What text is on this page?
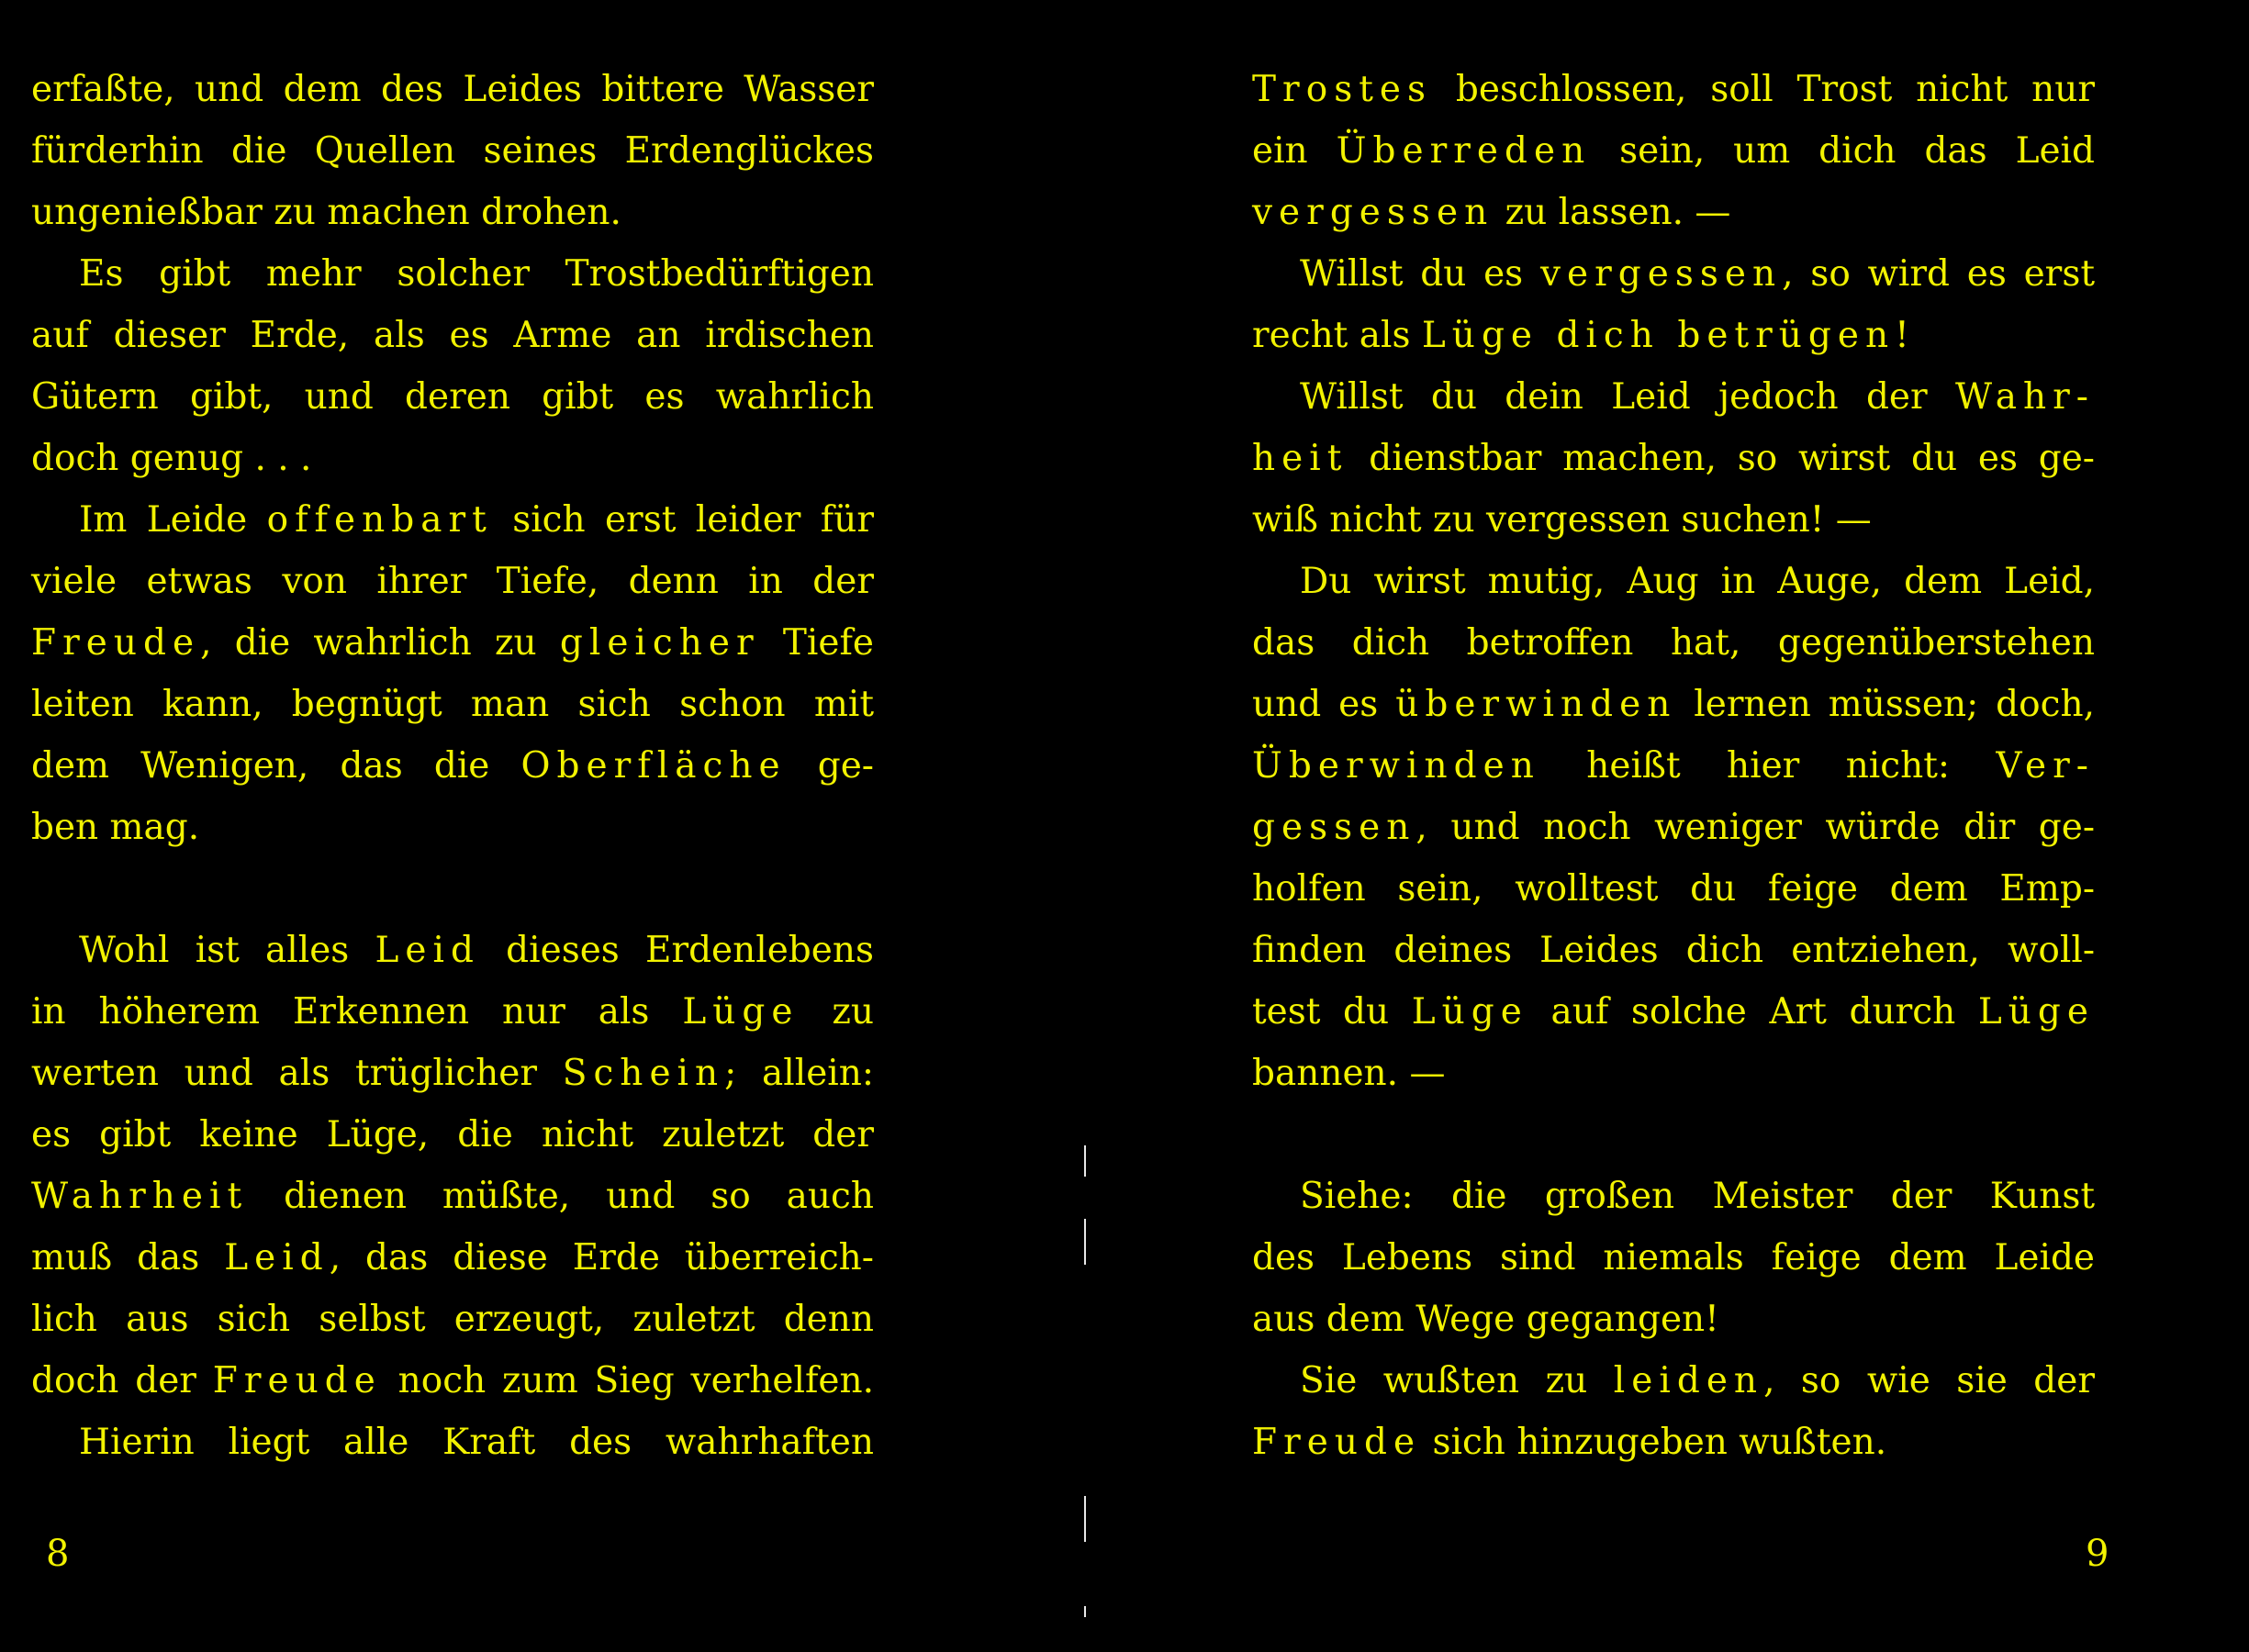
erfaßte, und dem des Leides bittere Wasser
fürderhin die Quellen seines Erdenglückes
ungenießbar zu machen drohen.
Es gibt mehr solcher Trostbedürftigen
auf dieser Erde, als es Arme an irdischen
Gütern gibt, und deren gibt es wahrlich
doch genug . . .
Im Leide offenbart sich erst leider für
viele etwas von ihrer Tiefe, denn in der
Freude, die wahrlich zu gleicher Tiefe
leiten kann, begnügt man sich schon mit
dem Wenigen, das die Oberfläche ge-
ben mag.
Wohl ist alles Leid dieses Erdenlebens
in höherem Erkennen nur als Lüge zu
werten und als trüglicher Schein; allein:
es gibt keine Lüge, die nicht zuletzt der
Wahrheit dienen müßte, und so auch
muß das Leid, das diese Erde überreich-
lich aus sich selbst erzeugt, zuletzt denn
doch der Freude noch zum Sieg verhelfen.
Hierin liegt alle Kraft des wahrhaften
8
Trostes beschlossen, soll Trost nicht nur
ein Überreden sein, um dich das Leid
vergessen zu lassen. —
Willst du es vergessen, so wird es erst
recht als Lüge dich betrügen!
Willst du dein Leid jedoch der Wahr-
heit dienstbar machen, so wirst du es ge-
wiß nicht zu vergessen suchen! —
Du wirst mutig, Aug in Auge, dem Leid,
das dich betroffen hat, gegenüberstehen
und es überwinden lernen müssen; doch,
Überwinden heißt hier nicht: Ver-
gessen, und noch weniger würde dir ge-
holfen sein, wolltest du feige dem Emp-
finden deines Leides dich entziehen, woll-
test du Lüge auf solche Art durch Lüge
bannen. —
Siehe: die großen Meister der Kunst
des Lebens sind niemals feige dem Leide
aus dem Wege gegangen!
Sie wußten zu leiden, so wie sie der
Freude sich hinzugeben wußten.
9
